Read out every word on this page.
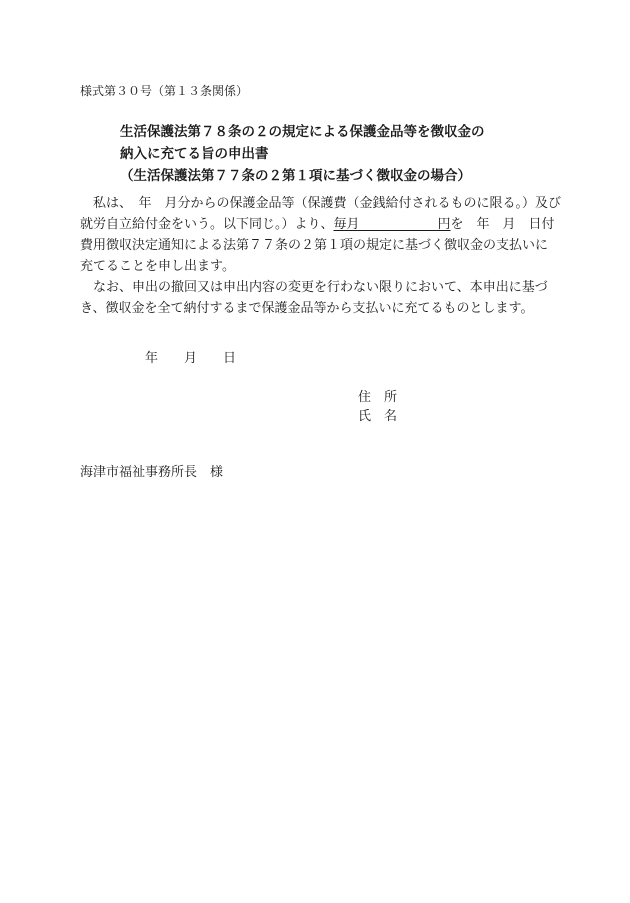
様式第３０号（第１３条関係）
生活保護法第７８条の２の規定による保護金品等を徴収金の
納入に充てる旨の申出書
（生活保護法第７７条の２第１項に基づく徴収金の場合）
　私は、　年　月分からの保護金品等（保護費（金銭給付されるものに限る。）及び
就労自立給付金をいう。以下同じ。）より、毎月　　　　　　円を　年　月　日付
費用徴収決定通知による法第７７条の２第１項の規定に基づく徴収金の支払いに
充てることを申し出ます。
　なお、申出の撤回又は申出内容の変更を行わない限りにおいて、本申出に基づ
き、徴収金を全て納付するまで保護金品等から支払いに充てるものとします。
年　　月　　日
住　所
氏　名
海津市福祉事務所長　様
